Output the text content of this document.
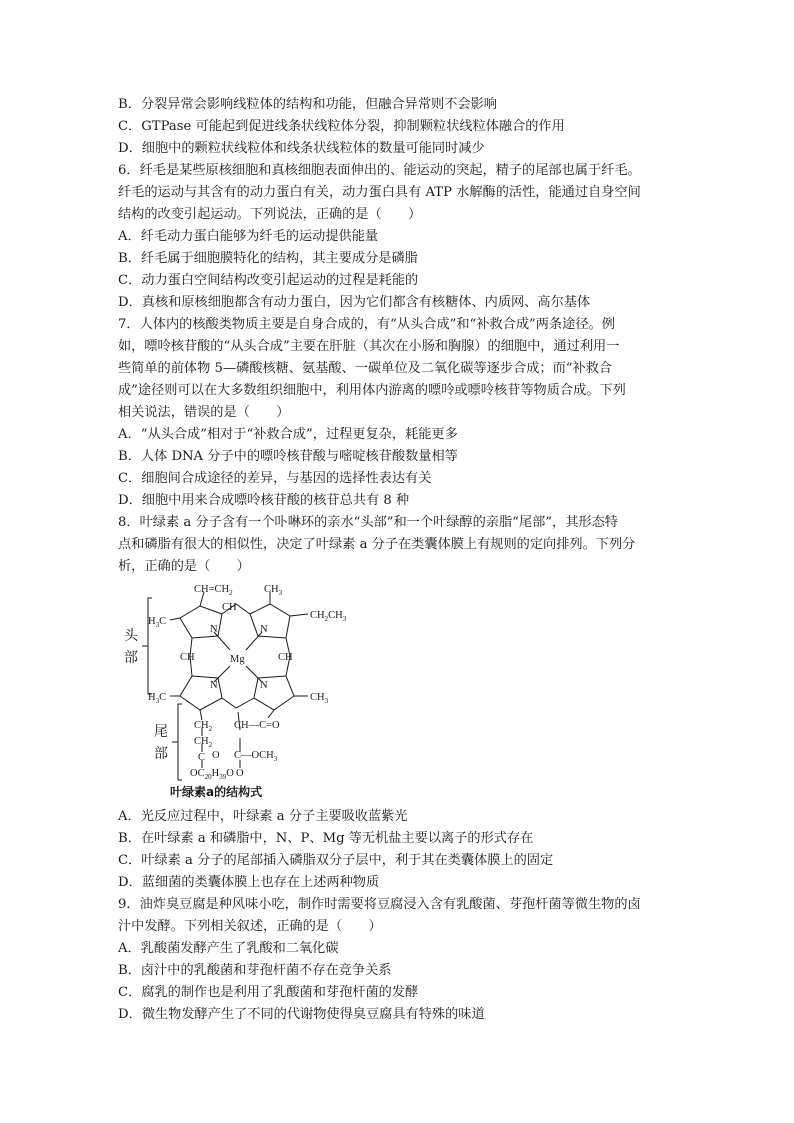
B．分裂异常会影响线粒体的结构和功能，但融合异常则不会影响
C．GTPase 可能起到促进线条状线粒体分裂，抑制颗粒状线粒体融合的作用
D．细胞中的颗粒状线粒体和线条状线粒体的数量可能同时减少
6．纤毛是某些原核细胞和真核细胞表面伸出的、能运动的突起，精子的尾部也属于纤毛。
纤毛的运动与其含有的动力蛋白有关，动力蛋白具有 ATP 水解酶的活性，能通过自身空间
结构的改变引起运动。下列说法，正确的是（　　）
A．纤毛动力蛋白能够为纤毛的运动提供能量
B．纤毛属于细胞膜特化的结构，其主要成分是磷脂
C．动力蛋白空间结构改变引起运动的过程是耗能的
D．真核和原核细胞都含有动力蛋白，因为它们都含有核糖体、内质网、高尔基体
7．人体内的核酸类物质主要是自身合成的，有“从头合成”和“补救合成”两条途径。例
如，嘌呤核苷酸的“从头合成”主要在肝脏（其次在小肠和胸腺）的细胞中，通过利用一
些简单的前体物 5—磷酸核糖、氨基酸、一碳单位及二氧化碳等逐步合成；而“补救合
成”途径则可以在大多数组织细胞中，利用体内游离的嘌呤或嘌呤核苷等物质合成。下列
相关说法，错误的是（　　）
A．“从头合成”相对于“补救合成”，过程更复杂，耗能更多
B．人体 DNA 分子中的嘌呤核苷酸与嘧啶核苷酸数量相等
C．细胞间合成途径的差异，与基因的选择性表达有关
D．细胞中用来合成嘌呤核苷酸的核苷总共有 8 种
8．叶绿素 a 分子含有一个卟啉环的亲水“头部”和一个叶绿醇的亲脂“尾部”，其形态特
点和磷脂有很大的相似性，决定了叶绿素 a 分子在类囊体膜上有规则的定向排列。下列分
析，正确的是（　　）
头
部
尾
部
Mg
N	N
N	N
$CH=CH_2$	$CH_3$
$CH_2CH_3$
$H_3C$
$H_3C$	$CH_3$
CH
CH
CH
$CH_2$
$CH_2$
C O
$OC_{20}H_{39}O$
CH—C=O
$C—OCH_3$
O
叶绿素a的结构式
A．光反应过程中，叶绿素 a 分子主要吸收蓝紫光
B．在叶绿素 a 和磷脂中，N、P、Mg 等无机盐主要以离子的形式存在
C．叶绿素 a 分子的尾部插入磷脂双分子层中，利于其在类囊体膜上的固定
D．蓝细菌的类囊体膜上也存在上述两种物质
9．油炸臭豆腐是种风味小吃，制作时需要将豆腐浸入含有乳酸菌、芽孢杆菌等微生物的卤
汁中发酵。下列相关叙述，正确的是（　　）
A．乳酸菌发酵产生了乳酸和二氧化碳
B．卤汁中的乳酸菌和芽孢杆菌不存在竞争关系
C．腐乳的制作也是利用了乳酸菌和芽孢杆菌的发酵
D．微生物发酵产生了不同的代谢物使得臭豆腐具有特殊的味道
